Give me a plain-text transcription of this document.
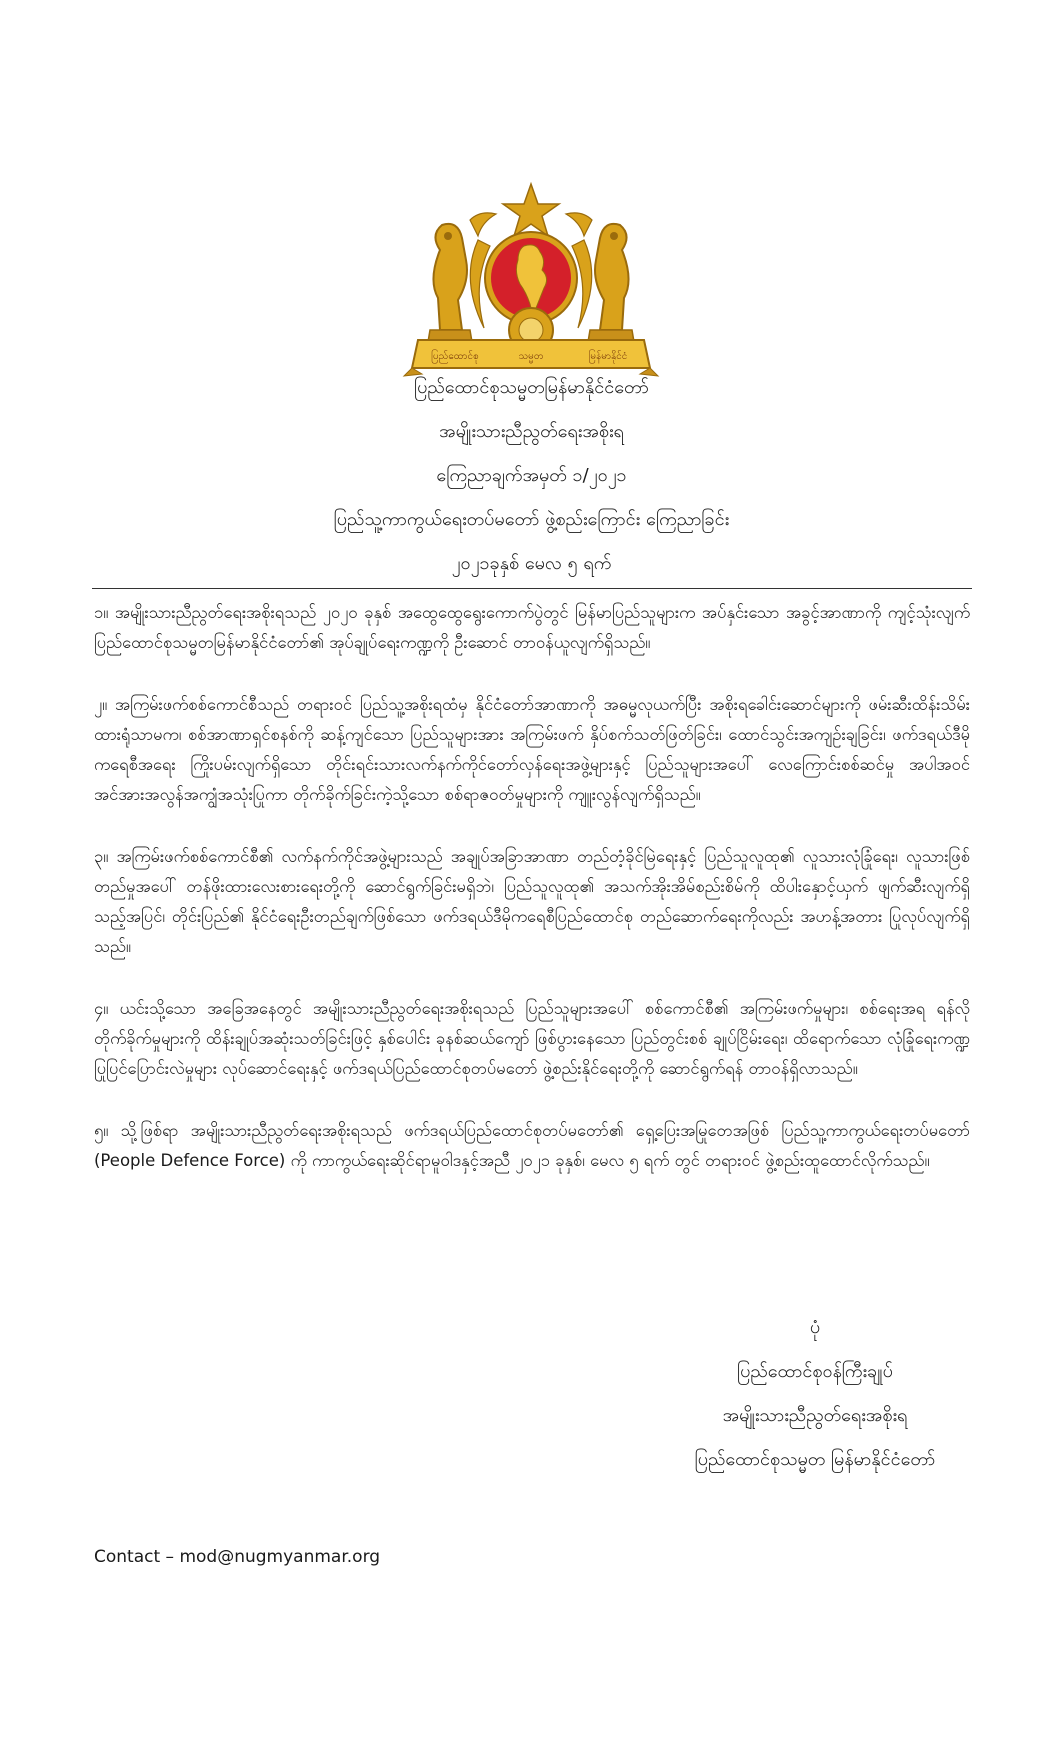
ပြည်ထောင်စု	သမ္မတ	မြန်မာနိုင်ငံ
ပြည်ထောင်စုသမ္မတမြန်မာနိုင်ငံတော်
အမျိုးသားညီညွတ်ရေးအစိုးရ
ကြေညာချက်အမှတ် ၁/၂၀၂၁
ပြည်သူ့ကာကွယ်ရေးတပ်မတော် ဖွဲ့စည်းကြောင်း ကြေညာခြင်း
၂၀၂၁ခုနှစ် မေလ ၅ ရက်

၁။ အမျိုးသားညီညွတ်ရေးအစိုးရသည် ၂၀၂၀ ခုနှစ် အထွေထွေရွေးကောက်ပွဲတွင် မြန်မာပြည်သူများက အပ်နှင်းသော အခွင့်အာဏာကို ကျင့်သုံးလျက် ပြည်ထောင်စုသမ္မတမြန်မာနိုင်ငံတော်၏ အုပ်ချုပ်ရေးကဏ္ဍကို ဦးဆောင် တာဝန်ယူလျက်ရှိသည်။

၂။ အကြမ်းဖက်စစ်ကောင်စီသည် တရားဝင် ပြည်သူ့အစိုးရထံမှ နိုင်ငံတော်အာဏာကို အဓမ္မလုယက်ပြီး အစိုးရခေါင်းဆောင်များကို ဖမ်းဆီးထိန်းသိမ်းထားရုံသာမက၊ စစ်အာဏာရှင်စနစ်ကို ဆန့်ကျင်သော ပြည်သူများအား အကြမ်းဖက် နှိပ်စက်သတ်ဖြတ်ခြင်း၊ ထောင်သွင်းအကျဉ်းချခြင်း၊ ဖက်ဒရယ်ဒီမိုကရေစီအရေး ကြိုးပမ်းလျက်ရှိသော တိုင်းရင်းသားလက်နက်ကိုင်တော်လှန်ရေးအဖွဲ့များနှင့် ပြည်သူများအပေါ် လေကြောင်းစစ်ဆင်မှု အပါအဝင် အင်အားအလွန်အကျွံအသုံးပြုကာ တိုက်ခိုက်ခြင်းကဲ့သို့သော စစ်ရာဇဝတ်မှုများကို ကျူးလွန်လျက်ရှိသည်။

၃။ အကြမ်းဖက်စစ်ကောင်စီ၏ လက်နက်ကိုင်အဖွဲ့များသည် အချုပ်အခြာအာဏာ တည်တံ့ခိုင်မြဲရေးနှင့် ပြည်သူလူထု၏ လူသားလုံခြုံရေး၊ လူသားဖြစ်တည်မှုအပေါ် တန်ဖိုးထားလေးစားရေးတို့ကို ဆောင်ရွက်ခြင်းမရှိဘဲ၊ ပြည်သူလူထု၏ အသက်အိုးအိမ်စည်းစိမ်ကို ထိပါးနှောင့်ယှက် ဖျက်ဆီးလျက်ရှိသည့်အပြင်၊ တိုင်းပြည်၏ နိုင်ငံရေးဦးတည်ချက်ဖြစ်သော ဖက်ဒရယ်ဒီမိုကရေစီပြည်ထောင်စု တည်ဆောက်ရေးကိုလည်း အဟန့်အတား ပြုလုပ်လျက်ရှိသည်။

၄။ ယင်းသို့သော အခြေအနေတွင် အမျိုးသားညီညွတ်ရေးအစိုးရသည် ပြည်သူများအပေါ် စစ်ကောင်စီ၏ အကြမ်းဖက်မှုများ၊ စစ်ရေးအရ ရန်လိုတိုက်ခိုက်မှုများကို ထိန်းချုပ်အဆုံးသတ်ခြင်းဖြင့် နှစ်ပေါင်း ခုနစ်ဆယ်ကျော် ဖြစ်ပွားနေသော ပြည်တွင်းစစ် ချုပ်ငြိမ်းရေး၊ ထိရောက်သော လုံခြုံရေးကဏ္ဍ ပြုပြင်ပြောင်းလဲမှုများ လုပ်ဆောင်ရေးနှင့် ဖက်ဒရယ်ပြည်ထောင်စုတပ်မတော် ဖွဲ့စည်းနိုင်ရေးတို့ကို ဆောင်ရွက်ရန် တာဝန်ရှိလာသည်။

၅။ သို့ဖြစ်ရာ အမျိုးသားညီညွတ်ရေးအစိုးရသည် ဖက်ဒရယ်ပြည်ထောင်စုတပ်မတော်၏ ရှေ့ပြေးအမြုတေအဖြစ် ပြည်သူ့ကာကွယ်ရေးတပ်မတော် (People Defence Force) ကို ကာကွယ်ရေးဆိုင်ရာမူဝါဒနှင့်အညီ ၂၀၂၁ ခုနှစ်၊ မေလ ၅ ရက် တွင် တရားဝင် ဖွဲ့စည်းထူထောင်လိုက်သည်။

ပုံ
ပြည်ထောင်စုဝန်ကြီးချုပ်
အမျိုးသားညီညွတ်ရေးအစိုးရ
ပြည်ထောင်စုသမ္မတ မြန်မာနိုင်ငံတော်
Contact – mod@nugmyanmar.org
